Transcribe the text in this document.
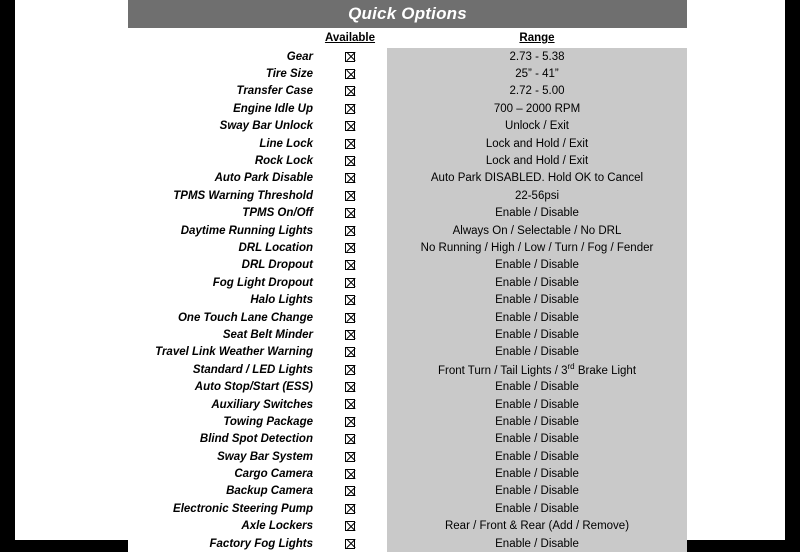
Quick Options
	Available	Range
Gear		2.73 - 5.38
Tire Size		25” - 41”
Transfer Case		2.72 - 5.00
Engine Idle Up		700 – 2000 RPM
Sway Bar Unlock		Unlock / Exit
Line Lock		Lock and Hold / Exit
Rock Lock		Lock and Hold / Exit
Auto Park Disable		Auto Park DISABLED. Hold OK to Cancel
TPMS Warning Threshold		22-56psi
TPMS On/Off		Enable / Disable
Daytime Running Lights		Always On / Selectable / No DRL
DRL Location		No Running / High / Low / Turn / Fog / Fender
DRL Dropout		Enable / Disable
Fog Light Dropout		Enable / Disable
Halo Lights		Enable / Disable
One Touch Lane Change		Enable / Disable
Seat Belt Minder		Enable / Disable
Travel Link Weather Warning		Enable / Disable
Standard / LED Lights		Front Turn / Tail Lights / 3rd Brake Light
Auto Stop/Start (ESS)		Enable / Disable
Auxiliary Switches		Enable / Disable
Towing Package		Enable / Disable
Blind Spot Detection		Enable / Disable
Sway Bar System		Enable / Disable
Cargo Camera		Enable / Disable
Backup Camera		Enable / Disable
Electronic Steering Pump		Enable / Disable
Axle Lockers		Rear / Front & Rear (Add / Remove)
Factory Fog Lights		Enable / Disable
